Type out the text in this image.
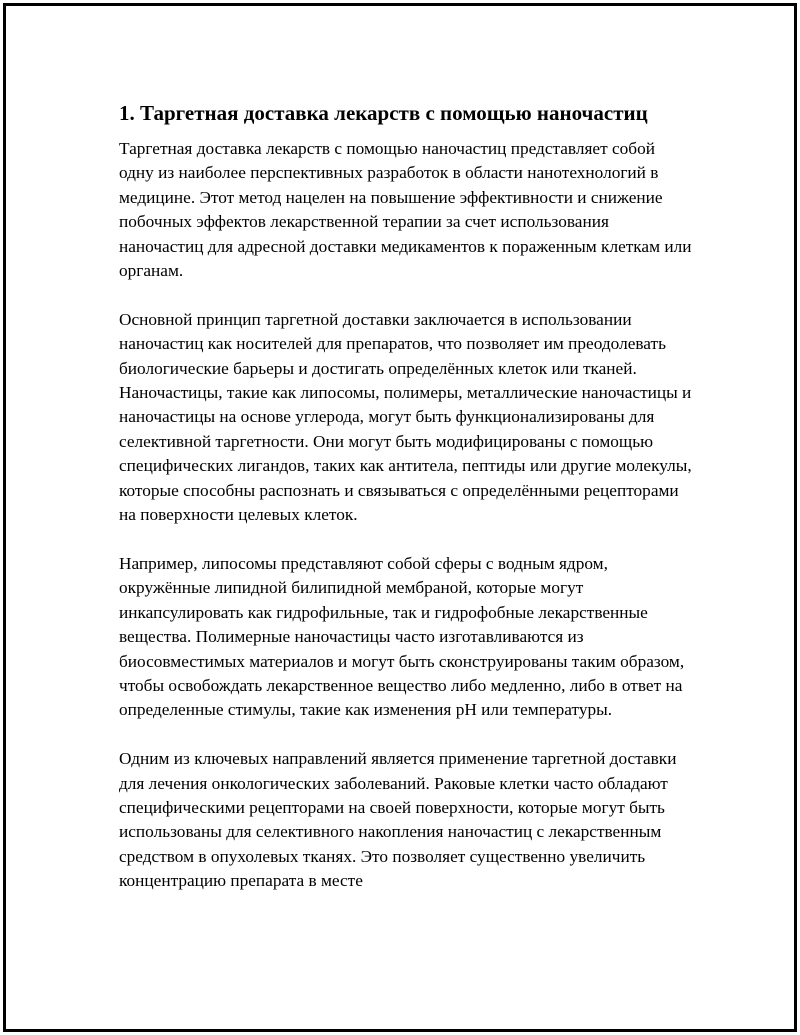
1. Таргетная доставка лекарств с помощью наночастиц

Таргетная доставка лекарств с помощью наночастиц представляет собой одну из наиболее перспективных разработок в области нанотехнологий в медицине. Этот метод нацелен на повышение эффективности и снижение побочных эффектов лекарственной терапии за счет использования наночастиц для адресной доставки медикаментов к пораженным клеткам или органам.

Основной принцип таргетной доставки заключается в использовании наночастиц как носителей для препаратов, что позволяет им преодолевать биологические барьеры и достигать определённых клеток или тканей. Наночастицы, такие как липосомы, полимеры, металлические наночастицы и наночастицы на основе углерода, могут быть функционализированы для селективной таргетности. Они могут быть модифицированы с помощью специфических лигандов, таких как антитела, пептиды или другие молекулы, которые способны распознать и связываться с определёнными рецепторами на поверхности целевых клеток.

Например, липосомы представляют собой сферы с водным ядром, окружённые липидной билипидной мембраной, которые могут инкапсулировать как гидрофильные, так и гидрофобные лекарственные вещества. Полимерные наночастицы часто изготавливаются из биосовместимых материалов и могут быть сконструированы таким образом, чтобы освобождать лекарственное вещество либо медленно, либо в ответ на определенные стимулы, такие как изменения pH или температуры.

Одним из ключевых направлений является применение таргетной доставки для лечения онкологических заболеваний. Раковые клетки часто обладают специфическими рецепторами на своей поверхности, которые могут быть использованы для селективного накопления наночастиц с лекарственным средством в опухолевых тканях. Это позволяет существенно увеличить концентрацию препарата в месте
